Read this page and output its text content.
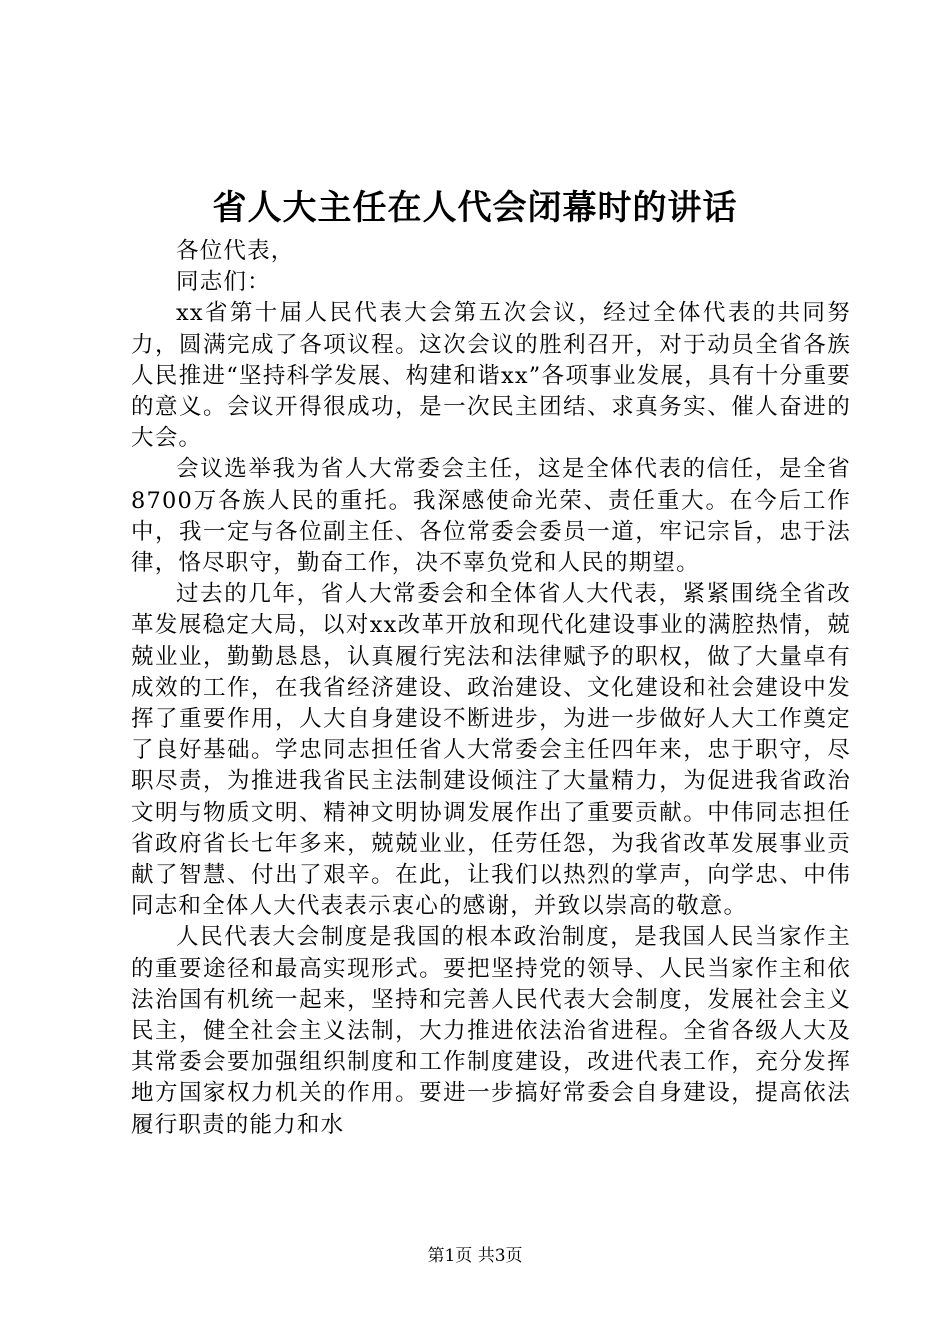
省人大主任在人代会闭幕时的讲话

各位代表，

同志们：

xx省第十届人民代表大会第五次会议，经过全体代表的共同努力，圆满完成了各项议程。这次会议的胜利召开，对于动员全省各族人民推进“坚持科学发展、构建和谐xx”各项事业发展，具有十分重要的意义。会议开得很成功，是一次民主团结、求真务实、催人奋进的大会。

会议选举我为省人大常委会主任，这是全体代表的信任，是全省8700万各族人民的重托。我深感使命光荣、责任重大。在今后工作中，我一定与各位副主任、各位常委会委员一道，牢记宗旨，忠于法律，恪尽职守，勤奋工作，决不辜负党和人民的期望。

过去的几年，省人大常委会和全体省人大代表，紧紧围绕全省改革发展稳定大局，以对xx改革开放和现代化建设事业的满腔热情，兢兢业业，勤勤恳恳，认真履行宪法和法律赋予的职权，做了大量卓有成效的工作，在我省经济建设、政治建设、文化建设和社会建设中发挥了重要作用，人大自身建设不断进步，为进一步做好人大工作奠定了良好基础。学忠同志担任省人大常委会主任四年来，忠于职守，尽职尽责，为推进我省民主法制建设倾注了大量精力，为促进我省政治文明与物质文明、精神文明协调发展作出了重要贡献。中伟同志担任省政府省长七年多来，兢兢业业，任劳任怨，为我省改革发展事业贡献了智慧、付出了艰辛。在此，让我们以热烈的掌声，向学忠、中伟同志和全体人大代表表示衷心的感谢，并致以崇高的敬意。

人民代表大会制度是我国的根本政治制度，是我国人民当家作主的重要途径和最高实现形式。要把坚持党的领导、人民当家作主和依法治国有机统一起来，坚持和完善人民代表大会制度，发展社会主义民主，健全社会主义法制，大力推进依法治省进程。全省各级人大及其常委会要加强组织制度和工作制度建设，改进代表工作，充分发挥地方国家权力机关的作用。要进一步搞好常委会自身建设，提高依法履行职责的能力和水

第1页 共3页
